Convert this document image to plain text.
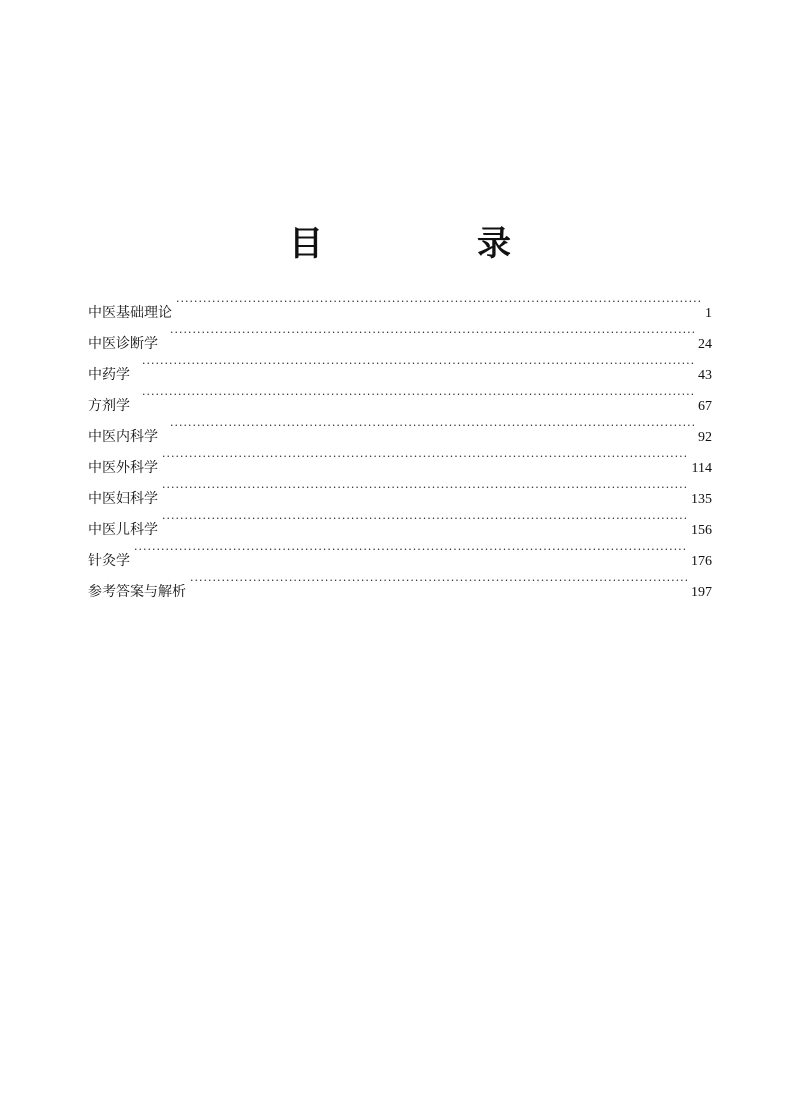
目　录
中医基础理论 ·····	1
中医诊断学 ·····	24
中药学 ·····	43
方剂学 ·····	67
中医内科学 ·····	92
中医外科学 ·····	114
中医妇科学 ·····	135
中医儿科学 ·····	156
针灸学 ·····	176
参考答案与解析 ·····	197
